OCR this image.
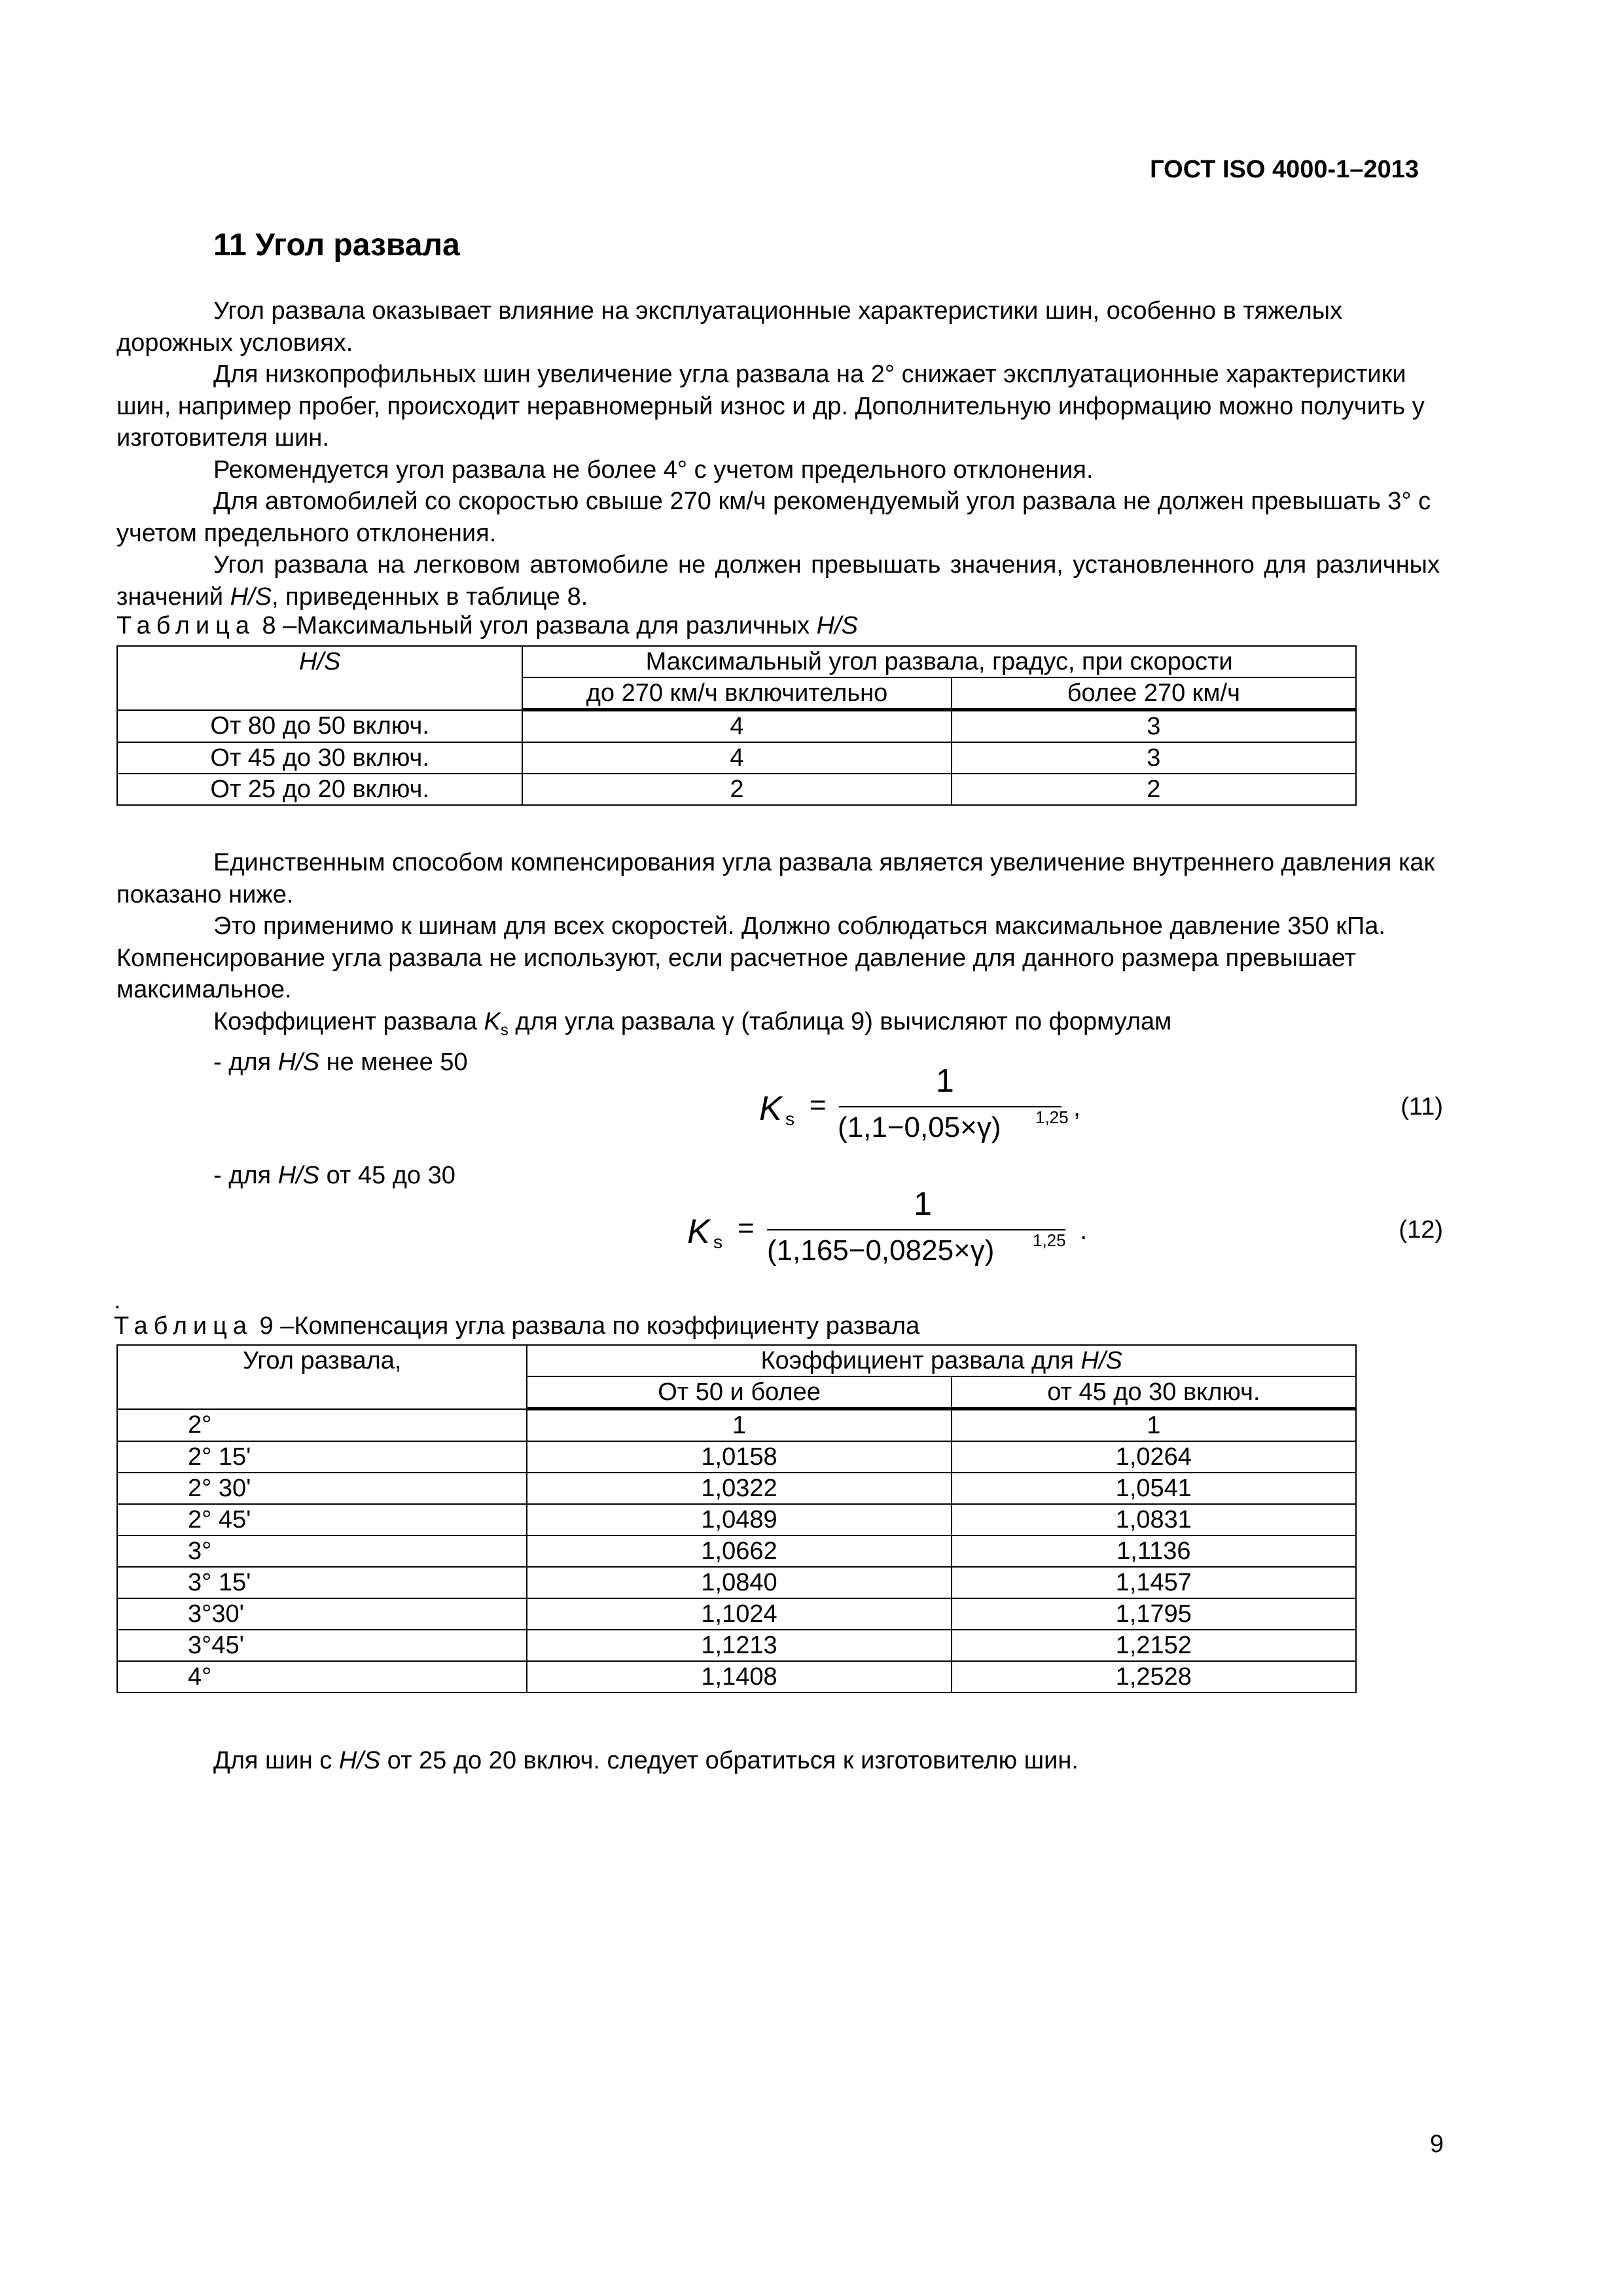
ГОСТ ISO 4000-1–2013
11 Угол развала

Угол развала оказывает влияние на эксплуатационные характеристики шин, особенно в тяжелых дорожных условиях.

Для низкопрофильных шин увеличение угла развала на 2° снижает эксплуатационные характеристики шин, например пробег, происходит неравномерный износ и др. Дополнительную информацию можно получить у изготовителя шин.

Рекомендуется угол развала не более 4° с учетом предельного отклонения.

Для автомобилей со скоростью свыше 270 км/ч рекомендуемый угол развала не должен превышать 3° с учетом предельного отклонения.

Угол развала на легковом автомобиле не должен превышать значения, установленного для различных значений H/S, приведенных в таблице 8.

Таблица 8 –Максимальный угол развала для различных H/S
H/S	Максимальный угол развала, градус, при скорости	
	до 270 км/ч включительно	более 270 км/ч
От 80 до 50 включ.	4	3
От 45 до 30 включ.	4	3
От 25 до 20 включ.	2	2

Единственным способом компенсирования угла развала является увеличение внутреннего давления как показано ниже.

Это применимо к шинам для всех скоростей. Должно соблюдаться максимальное давление 350 кПа. Компенсирование угла развала не используют, если расчетное давление для данного размера превышает максимальное.

Коэффициент развала $K_s$ для угла развала γ (таблица 9) вычисляют по формулам

- для H/S не менее 50

K s =
1
(1,1−0,05×γ) 1,25 ,	(11)

- для H/S от 45 до 30

K s =
1
(1,165−0,0825×γ) 1,25 .	(12)
.
Таблица 9 –Компенсация угла развала по коэффициенту развала
Угол развала,	Коэффициент развала для H/S	
	От 50 и более	от 45 до 30 включ.
2°	1	1
2° 15'	1,0158	1,0264
2° 30'	1,0322	1,0541
2° 45'	1,0489	1,0831
3°	1,0662	1,1136
3° 15'	1,0840	1,1457
3°30'	1,1024	1,1795
3°45'	1,1213	1,2152
4°	1,1408	1,2528

Для шин с H/S от 25 до 20 включ. следует обратиться к изготовителю шин.

9
